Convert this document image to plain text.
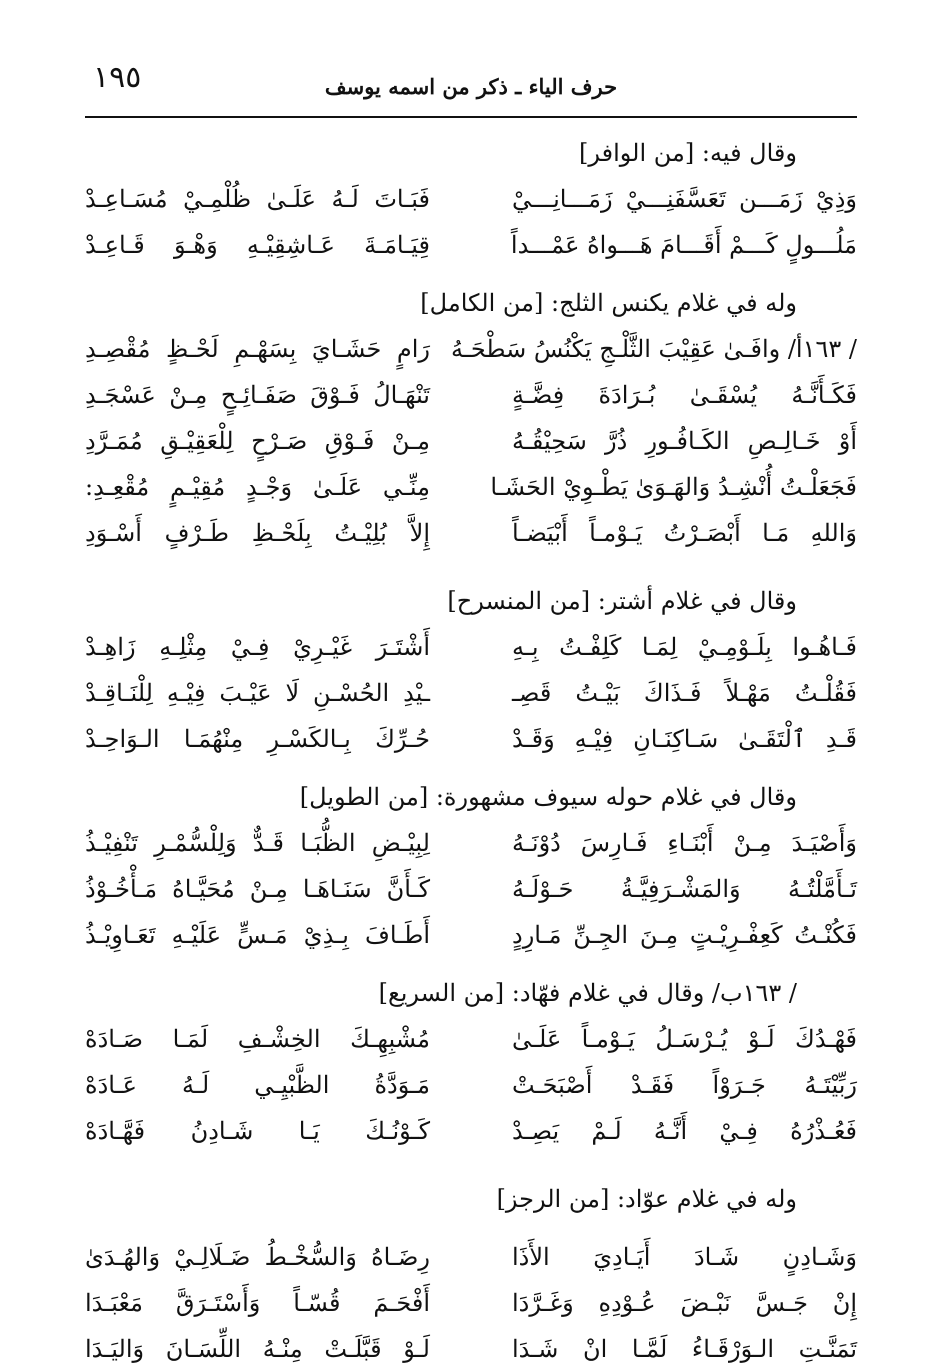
١٩٥	حرف الياء ـ ذكر من اسمه يوسف
وقال فيه: [من الوافر]
وَذِيْ زَمَـــن تَعَسَّفَنِـــيْ زَمَـــانِـــيْ
فَبَـاتَ لَـهُ عَلَـىٰ ظُلْمِـيْ مُسَـاعِـدْ
مَلُـــولٍ كَـــمْ أَقَـــامَ هَـــواهُ عَمْـــداً
قِيَـامَـةَ عَـاشِقِيْـهِ وَهْـوَ قَـاعِـدْ
وله في غلام يكنس الثلج: [من الكامل]
/ ١٦٣أ/ وافَـىٰ عَقِيْبَ الثَّلْـجِ يَكْنُسُ سَطْحَـهُ
رَامٍ حَشَـايَ بِسَهْـمِ لَحْـظٍ مُقْصِـدِ
فَكَـأَنَّـهُ يُسْقَـىٰ بُـرَادَةَ فِضَّـةٍ
تَنْهَـالُ فَـوْقَ صَفَـائِـحٍ مِـنْ عَسْجَـدِ
أَوْ خَـالِـصِ الكَـافُـورِ ذُرَّ سَحِيْقُـهُ
مِـنْ فَـوْقِ صَـرْحٍ لِلْعَقِيْـقِ مُمَـرَّدِ
فَجَعَلْـتُ أُنْشِـدُ وَالهَـوَىٰ يَطْـوِيْ الحَشَـا
مِنِّـي عَلَـىٰ وَجْـدٍ مُقِيْـمٍ مُقْعِـدِ:
وَاللهِ مَـا أَبْصَـرْتُ يَـوْمـاً أَبْيَضـاً
إِلاَّ بُلِيْـتُ بِلَحْـظِ طَـرْفٍ أَسْـوَدِ
وقال في غلام أشتر: [من المنسرح]
فَـاهُـوا بِلَـوْمِـيْ لِمَـا كَلِفْـتُ بِـهِ
أَشْتَـرَ غَيْـرِيْ فِـيْ مِثْلِـهِ زَاهِـدْ
فَقُلْـتُ مَهْـلاً فَـذَاكَ بَيْـتُ قَصِـ
ـيْدِ الحُسْـنِ لَا عَيْـبَ فِيْـهِ لِلْنَـاقِـدْ
قَـدِ ٱلْتَقَـىٰ سَـاكِنَـانِ فِيْـهِ وَقَـدْ
حُـرِّكَ بِـالكَسْـرِ مِنْهُمَـا الـوَاحِـدْ
وقال في غلام حوله سيوف مشهورة: [من الطويل]
وَأَصْيَـدَ مِـنْ أَبْنَـاءِ فَـارِسَ دُوْنَـهُ
لِبِيْـضِ الظُّبَـا قَـدٌّ وَلِلْسُّمْـرِ تَنْفِيْـذُ
تَـأَمَّلْتُـهُ وَالمَشْـرَفِيَّـةُ حَـوْلَـهُ
كَـأَنَّ سَنَـاهَـا مِـنْ مُحَيَّـاهُ مَـأْخُـوْذُ
فَكُنْـتُ كَعِفْـرِيْـتٍ مِـنَ الجِـنِّ مَـارِدٍ
أَطَـافَ بِـذِيْ مَـسٍّ عَلَيْـهِ تَعَـاوِيْـذُ
/ ١٦٣ب/ وقال في غلام فهّاد: [من السريع]
فَهْـدُكَ لَـوْ يُـرْسَـلُ يَـوْمـاً عَلَـىٰ
مُشْبِهِـكَ الخِشْـفِ لَمَـا صَـادَهْ
رَبِّيْتَـهُ جَـرَوْاً فَقَـدْ أَصْبَحَـتْ
مَـوَدَّةُ الظَّبْيِـي لَـهُ عَـادَهْ
فَعُـذْرُهُ فِـيْ أَنَّـهُ لَـمْ يَصِـدْ
كَـوْنُـكَ يَـا شَـادِنُ فَهَّـادَهْ
وله في غلام عوّاد: [من الرجز]
وَشَـادِنٍ شَـادَ أَيَـادِيَ الأَذَا
رِضَـاهُ وَالسُّخْـطُ ضَـلَالِـيْ وَالهُـدَىٰ
إِنْ جَـسَّ نَبْـضَ عُـوْدِهِ وَغَـرَّدَا
أَفْحَـمَ قُسّـاً وَأَسْتَـرَقَّ مَعْبَـدَا
تَمَنَّـتِ الـوَرْقَـاءُ لَمَّـا انْ شَـدَا
لَـوْ قَبَّلَـتْ مِنْـهُ اللِّسَـانَ وَاليَـدَا
